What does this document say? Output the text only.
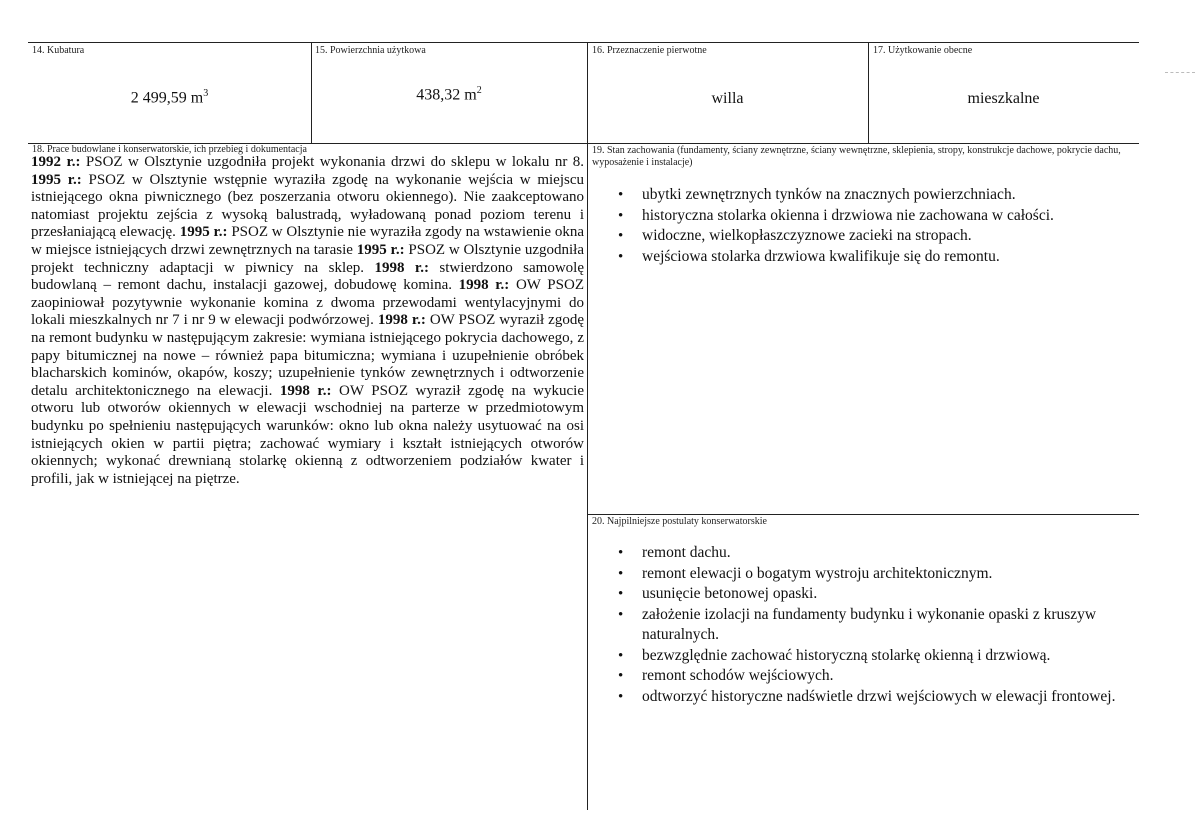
14. Kubatura
2 499,59 $m^3$
15. Powierzchnia użytkowa
438,32 $m^2$
16. Przeznaczenie pierwotne
willa
17. Użytkowanie obecne
mieszkalne
18. Prace budowlane i konserwatorskie, ich przebieg i dokumentacja
1992 r.: PSOZ w Olsztynie uzgodniła projekt wykonania drzwi do sklepu w lokalu nr 8. 1995 r.: PSOZ w Olsztynie wstępnie wyraziła zgodę na wykonanie wejścia w miejscu istniejącego okna piwnicznego (bez poszerzania otworu okiennego). Nie zaakceptowano natomiast projektu zejścia z wysoką balustradą, wyładowaną ponad poziom terenu i przesłaniającą elewację. 1995 r.: PSOZ w Olsztynie nie wyraziła zgody na wstawienie okna w miejsce istniejących drzwi zewnętrznych na tarasie 1995 r.: PSOZ w Olsztynie uzgodniła projekt techniczny adaptacji w piwnicy na sklep. 1998 r.: stwierdzono samowolę budowlaną – remont dachu, instalacji gazowej, dobudowę komina. 1998 r.: OW PSOZ zaopiniował pozytywnie wykonanie komina z dwoma przewodami wentylacyjnymi do lokali mieszkalnych nr 7 i nr 9 w elewacji podwórzowej. 1998 r.: OW PSOZ wyraził zgodę na remont budynku w następującym zakresie: wymiana istniejącego pokrycia dachowego, z papy bitumicznej na nowe – również papa bitumiczna; wymiana i uzupełnienie obróbek blacharskich kominów, okapów, koszy; uzupełnienie tynków zewnętrznych i odtworzenie detalu architektonicznego na elewacji. 1998 r.: OW PSOZ wyraził zgodę na wykucie otworu lub otworów okiennych w elewacji wschodniej na parterze w przedmiotowym budynku po spełnieniu następujących warunków: okno lub okna należy usytuować na osi istniejących okien w partii piętra; zachować wymiary i kształt istniejących otworów okiennych; wykonać drewnianą stolarkę okienną z odtworzeniem podziałów kwater i profili, jak w istniejącej na piętrze.
19. Stan zachowania (fundamenty, ściany zewnętrzne, ściany wewnętrzne, sklepienia, stropy, konstrukcje dachowe, pokrycie dachu, wyposażenie i instalacje)
• ubytki zewnętrznych tynków na znacznych powierzchniach.
• historyczna stolarka okienna i drzwiowa nie zachowana w całości.
• widoczne, wielkopłaszczyznowe zacieki na stropach.
• wejściowa stolarka drzwiowa kwalifikuje się do remontu.
20. Najpilniejsze postulaty konserwatorskie
• remont dachu.
• remont elewacji o bogatym wystroju architektonicznym.
• usunięcie betonowej opaski.
• założenie izolacji na fundamenty budynku i wykonanie opaski z kruszyw naturalnych.
• bezwzględnie zachować historyczną stolarkę okienną i drzwiową.
• remont schodów wejściowych.
• odtworzyć historyczne nadświetle drzwi wejściowych w elewacji frontowej.
